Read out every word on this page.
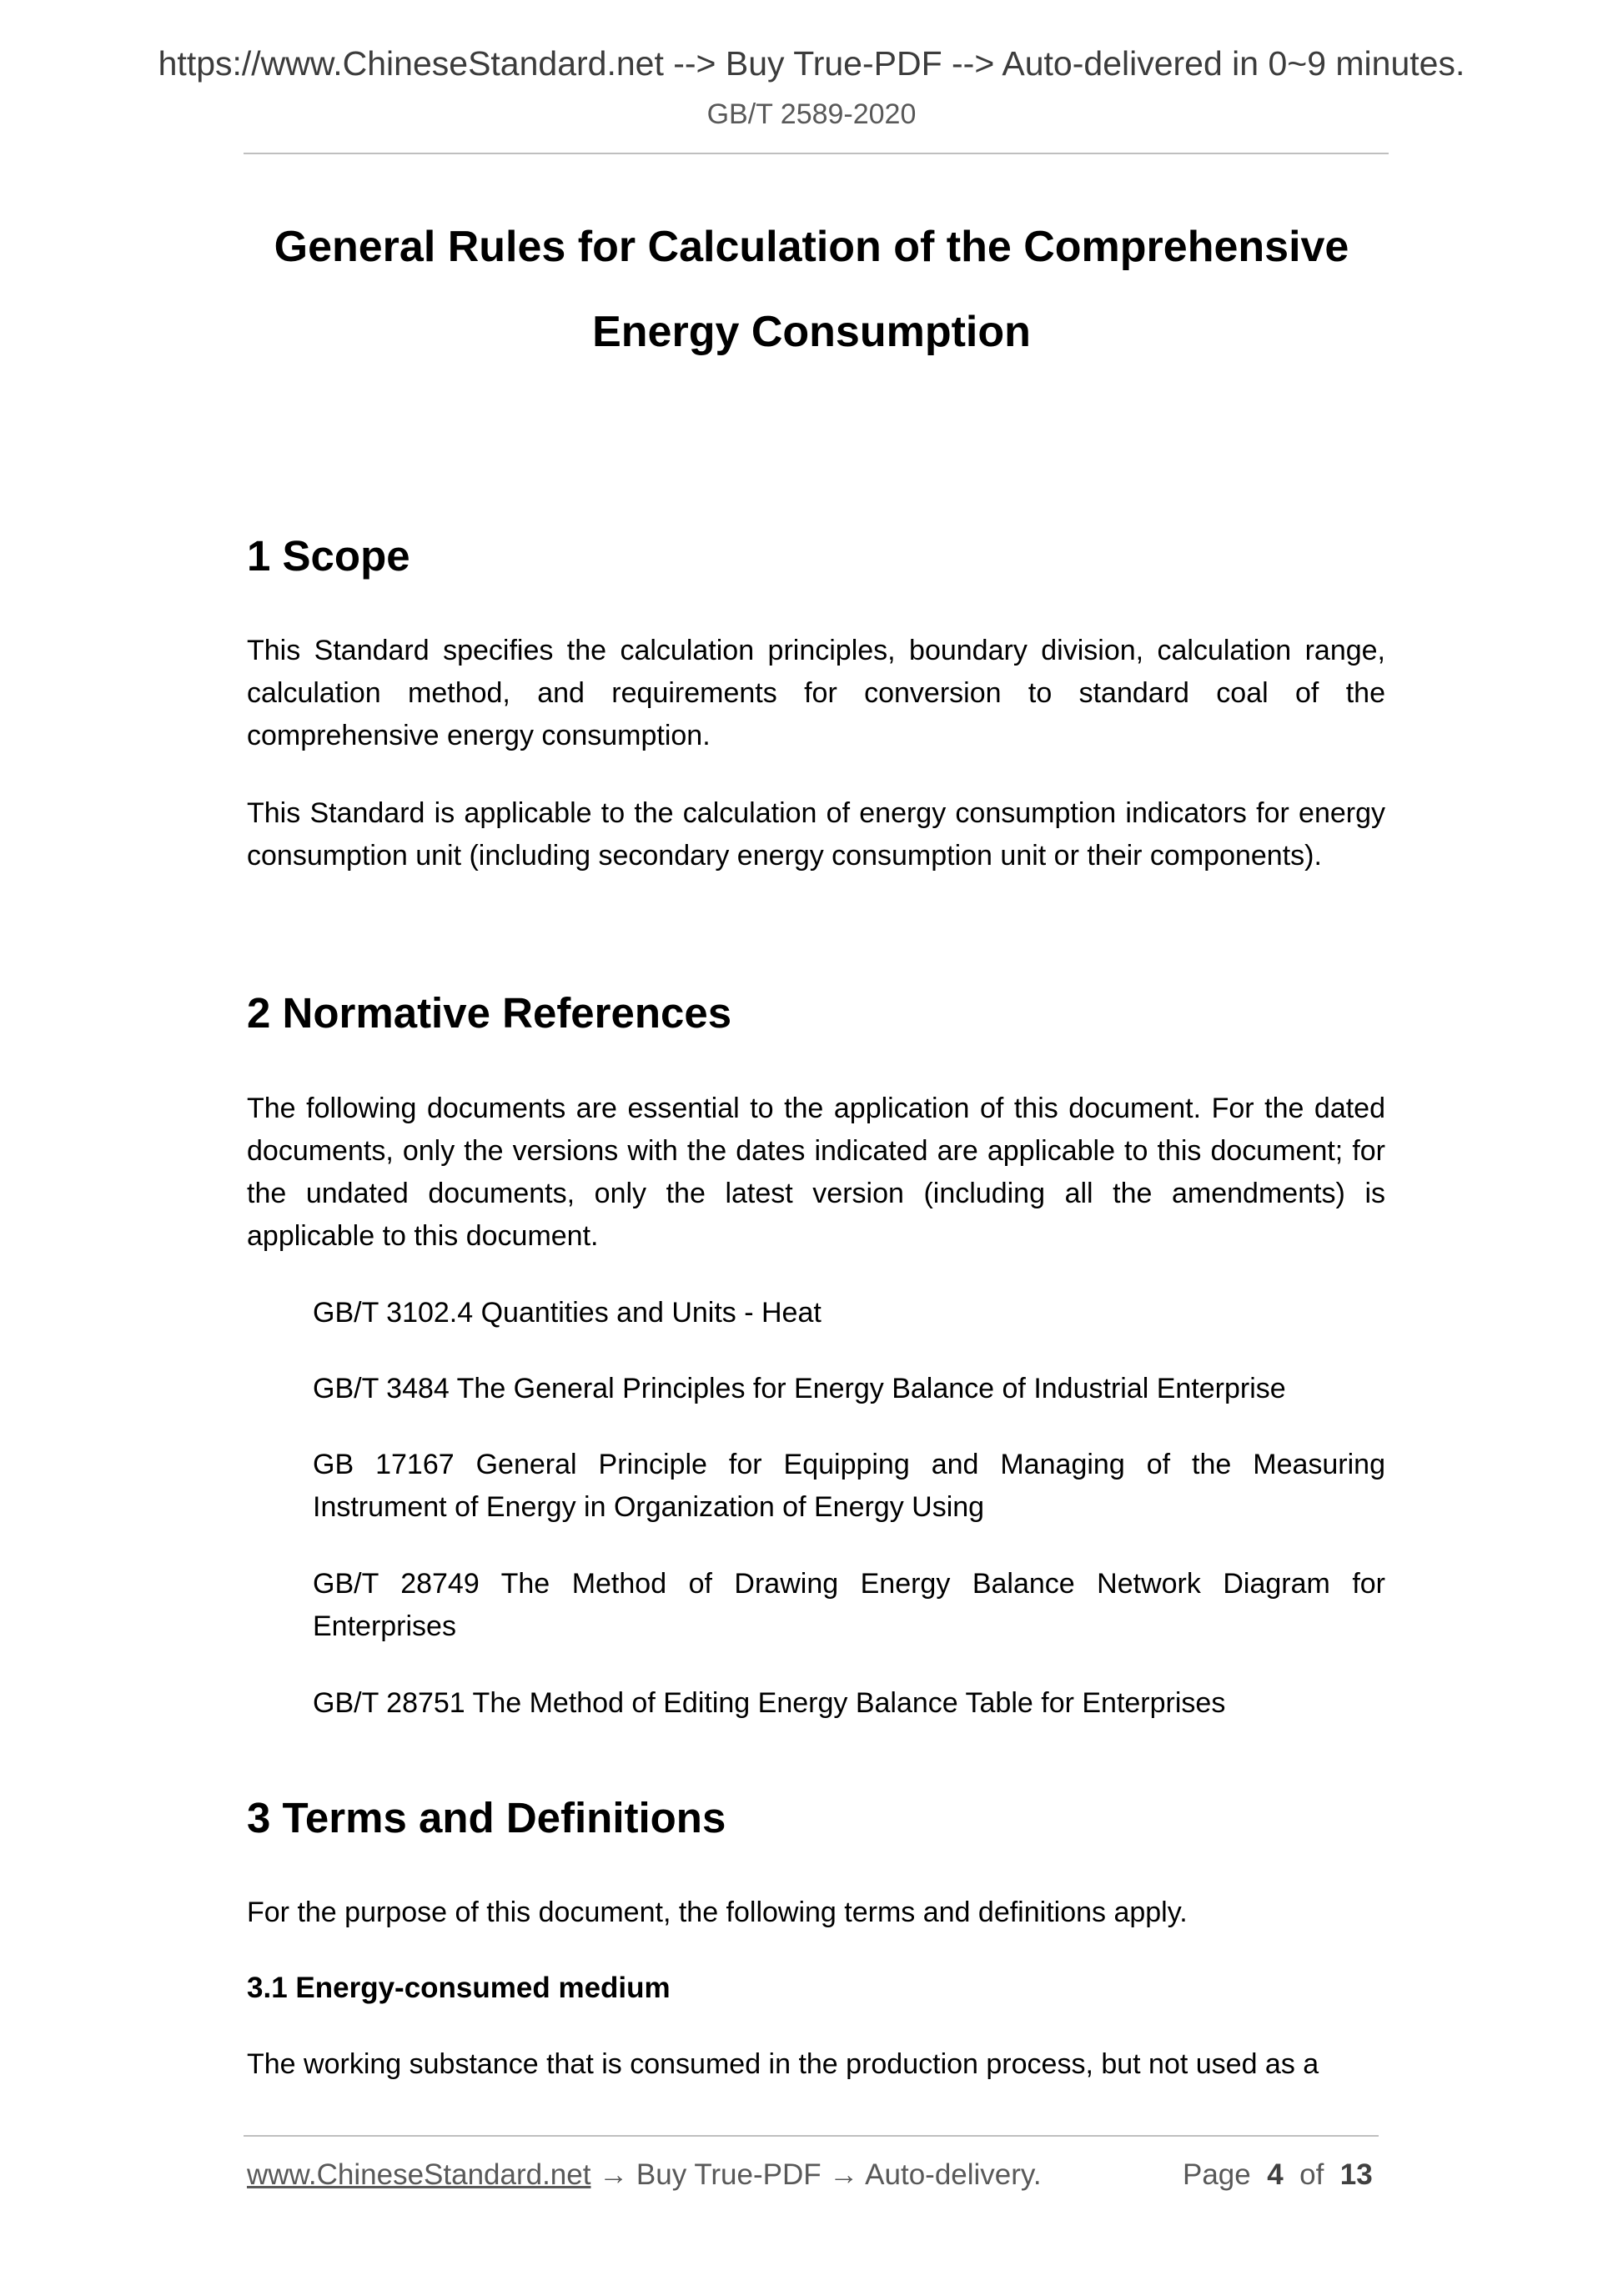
https://www.ChineseStandard.net --> Buy True-PDF --> Auto-delivered in 0~9 minutes.
GB/T 2589-2020
General Rules for Calculation of the Comprehensive
Energy Consumption
1 Scope
This Standard specifies the calculation principles, boundary division, calculation range, calculation method, and requirements for conversion to standard coal of the comprehensive energy consumption.
This Standard is applicable to the calculation of energy consumption indicators for energy consumption unit (including secondary energy consumption unit or their components).
2 Normative References
The following documents are essential to the application of this document. For the dated documents, only the versions with the dates indicated are applicable to this document; for the undated documents, only the latest version (including all the amendments) is applicable to this document.
GB/T 3102.4 Quantities and Units - Heat
GB/T 3484 The General Principles for Energy Balance of Industrial Enterprise
GB 17167 General Principle for Equipping and Managing of the Measuring Instrument of Energy in Organization of Energy Using
GB/T 28749 The Method of Drawing Energy Balance Network Diagram for Enterprises
GB/T 28751 The Method of Editing Energy Balance Table for Enterprises
3 Terms and Definitions
For the purpose of this document, the following terms and definitions apply.
3.1 Energy-consumed medium
The working substance that is consumed in the production process, but not used as a
www.ChineseStandard.net → Buy True-PDF → Auto-delivery.	Page 4 of 13
